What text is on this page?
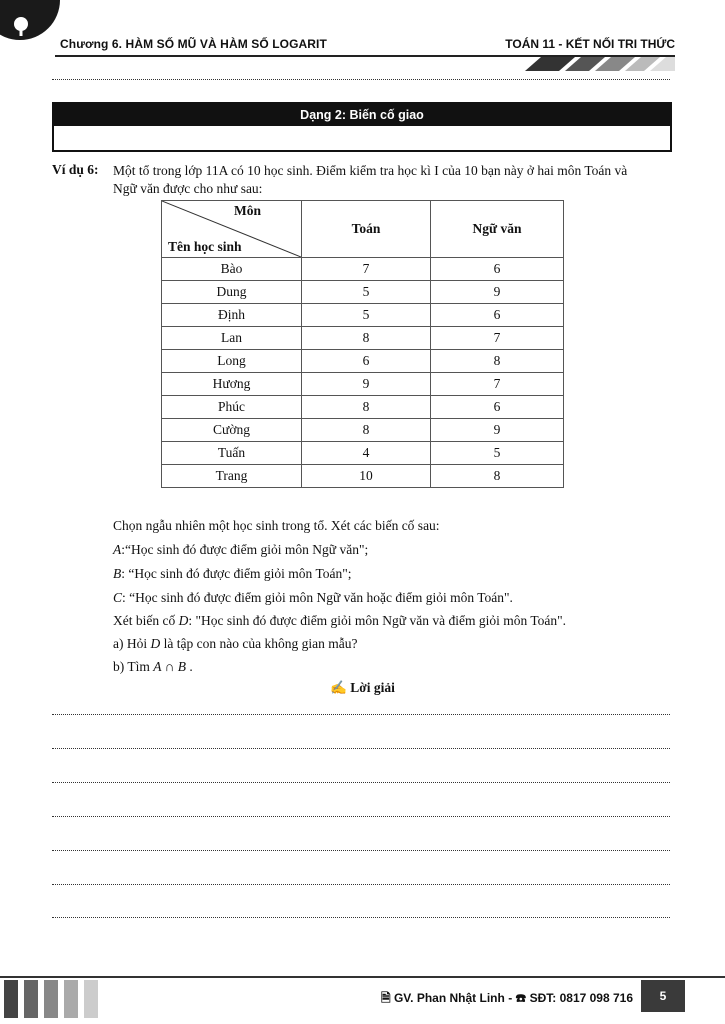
Chương 6. HÀM SỐ MŨ VÀ HÀM SỐ LOGARIT	TOÁN 11 - KẾT NỐI TRI THỨC
Dạng 2: Biến cố giao
Ví dụ 6: Một tổ trong lớp 11A có 10 học sinh. Điểm kiểm tra học kì I của 10 bạn này ở hai môn Toán và
Ngữ văn được cho như sau:
Môn
Tên học sinh	Toán	Ngữ văn
Bào	7	6
Dung	5	9
Định	5	6
Lan	8	7
Long	6	8
Hương	9	7
Phúc	8	6
Cường	8	9
Tuấn	4	5
Trang	10	8
Chọn ngẫu nhiên một học sinh trong tổ. Xét các biến cố sau:
A:“Học sinh đó được điểm giỏi môn Ngữ văn";
B: “Học sinh đó được điểm giỏi môn Toán";
C: “Học sinh đó được điểm giỏi môn Ngữ văn hoặc điểm giỏi môn Toán".
Xét biến cố D: "Học sinh đó được điểm giỏi môn Ngữ văn và điểm giỏi môn Toán".
a) Hỏi D là tập con nào của không gian mẫu?
b) Tìm A ∩ B .
✍ Lời giải
🗎 GV. Phan Nhật Linh - ☎ SĐT: 0817 098 716	5
